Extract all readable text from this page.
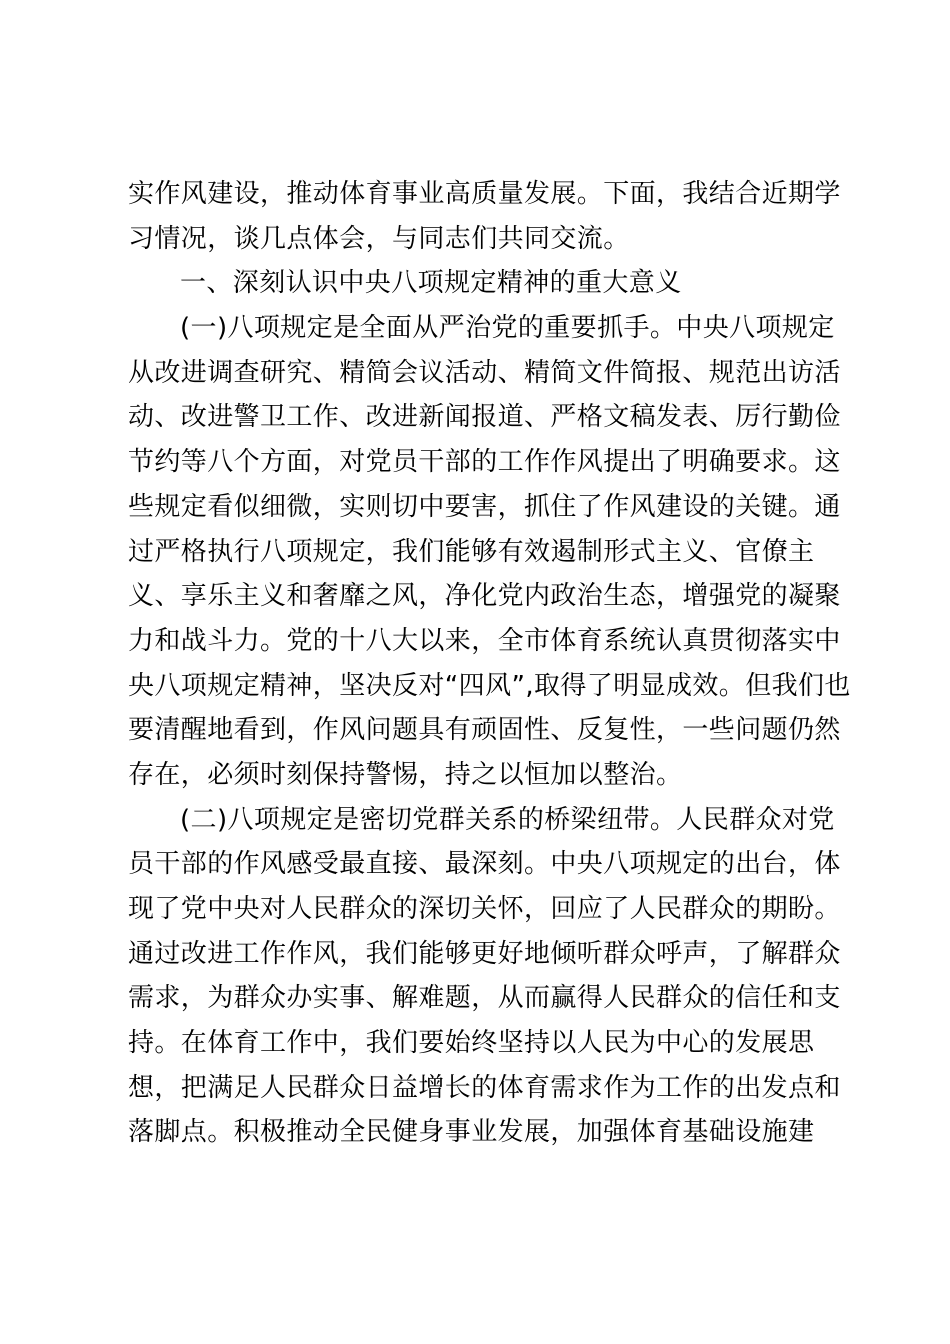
实作风建设，推动体育事业高质量发展。下面，我结合近期学
习情况，谈几点体会，与同志们共同交流。
一、深刻认识中央八项规定精神的重大意义
(一)八项规定是全面从严治党的重要抓手。中央八项规定
从改进调查研究、精简会议活动、精简文件简报、规范出访活
动、改进警卫工作、改进新闻报道、严格文稿发表、厉行勤俭
节约等八个方面，对党员干部的工作作风提出了明确要求。这
些规定看似细微，实则切中要害，抓住了作风建设的关键。通
过严格执行八项规定，我们能够有效遏制形式主义、官僚主
义、享乐主义和奢靡之风，净化党内政治生态，增强党的凝聚
力和战斗力。党的十八大以来，全市体育系统认真贯彻落实中
央八项规定精神，坚决反对“四风”,取得了明显成效。但我们也
要清醒地看到，作风问题具有顽固性、反复性，一些问题仍然
存在，必须时刻保持警惕，持之以恒加以整治。
(二)八项规定是密切党群关系的桥梁纽带。人民群众对党
员干部的作风感受最直接、最深刻。中央八项规定的出台，体
现了党中央对人民群众的深切关怀，回应了人民群众的期盼。
通过改进工作作风，我们能够更好地倾听群众呼声，了解群众
需求，为群众办实事、解难题，从而赢得人民群众的信任和支
持。在体育工作中，我们要始终坚持以人民为中心的发展思
想，把满足人民群众日益增长的体育需求作为工作的出发点和
落脚点。积极推动全民健身事业发展，加强体育基础设施建
